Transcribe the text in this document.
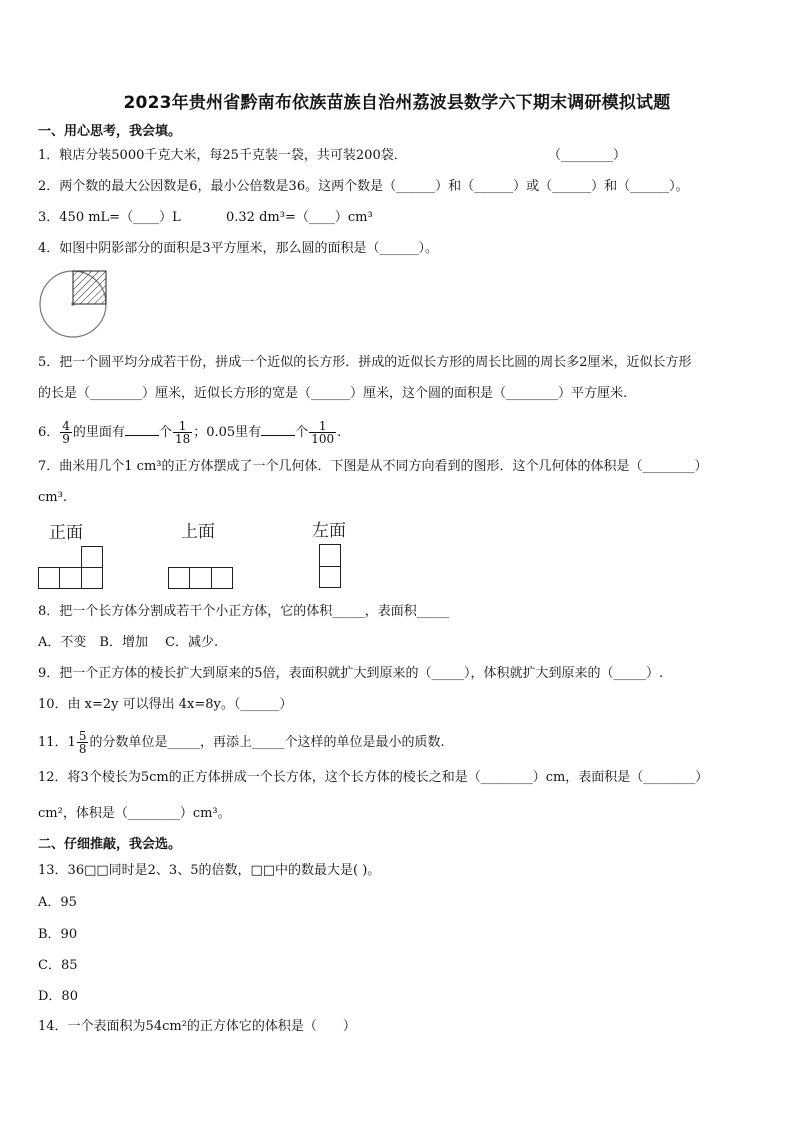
2023年贵州省黔南布依族苗族自治州荔波县数学六下期末调研模拟试题
一、用心思考，我会填。
1．粮店分装5000千克大米，每25千克装一袋，共可装200袋．	（________）
2．两个数的最大公因数是6，最小公倍数是36。这两个数是（______）和（______）或（______）和（______）。
3．450 mL=（____）L	0.32 dm³=（____）cm³
4．如图中阴影部分的面积是3平方厘米，那么圆的面积是（______）。
5．把一个圆平均分成若干份，拼成一个近似的长方形．拼成的近似长方形的周长比圆的周长多2厘米，近似长方形
的长是（________）厘米，近似长方形的宽是（______）厘米，这个圆的面积是（________）平方厘米.
6． $\frac{4}{9}$ 的里面有	个 $\frac{1}{18}$ ；0.05里有	个 $\frac{1}{100}$ .
7．曲米用几个1 cm³的正方体摆成了一个几何体．下图是从不同方向看到的图形．这个几何体的体积是（________）
cm³.
正面	上面	左面
8．把一个长方体分割成若干个小正方体，它的体积_____，表面积_____
A．不变　B．增加　 C．减少.
9．把一个正方体的棱长扩大到原来的5倍，表面积就扩大到原来的（_____），体积就扩大到原来的（_____）.
10．由 x=2y 可以得出 4x=8y。（______）
11．$1 \frac{5}{8}$ 的分数单位是_____，再添上_____个这样的单位是最小的质数.
12．将3个棱长为5cm的正方体拼成一个长方体，这个长方体的棱长之和是（________）cm，表面积是（________）
cm²，体积是（________）cm³。
二、仔细推敲，我会选。
13．36□□同时是2、3、5的倍数，□□中的数最大是( )。
A．95
B．90
C．85
D．80
14．一个表面积为54cm²的正方体它的体积是（　　）
